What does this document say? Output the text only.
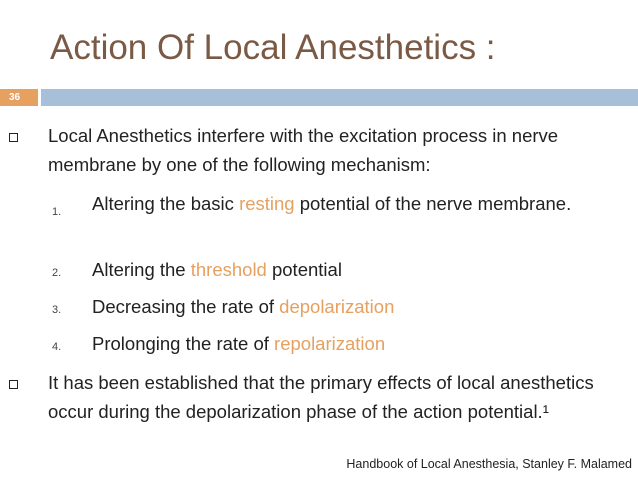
Action Of Local Anesthetics :
36
Local Anesthetics interfere with the excitation process in nerve membrane by one of the following mechanism:
1. Altering the basic resting potential of the nerve membrane.
2. Altering the threshold potential
3. Decreasing the rate of depolarization
4. Prolonging the rate of repolarization
It has been established that the primary effects of local anesthetics occur during the depolarization phase of the action potential.¹
Handbook of Local Anesthesia, Stanley F. Malamed
